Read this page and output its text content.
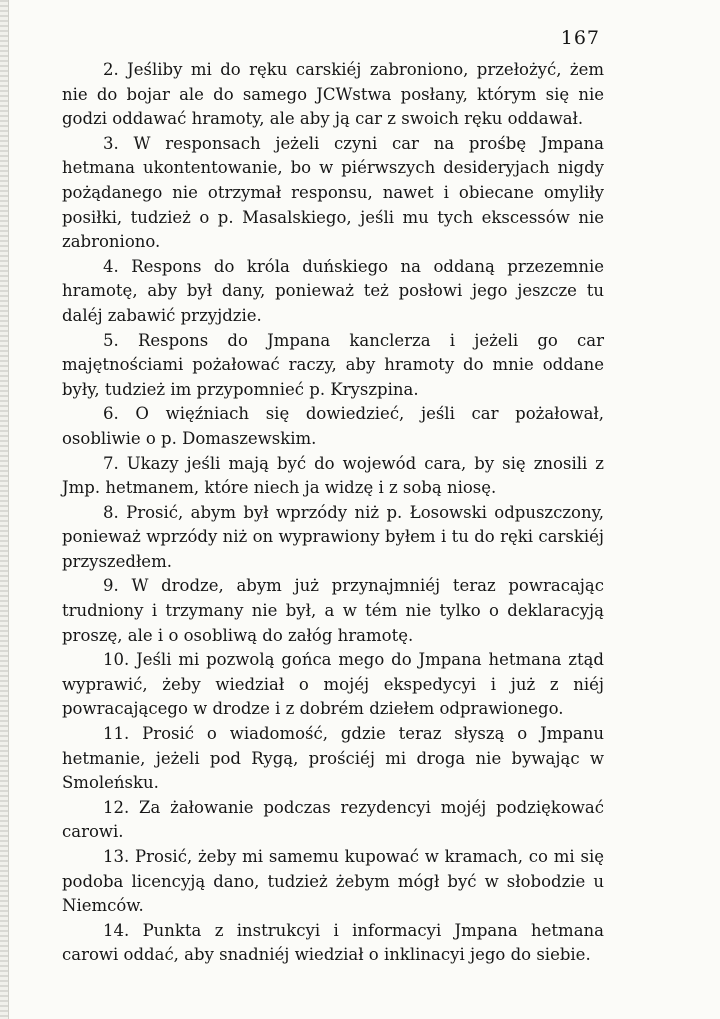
167

2. Jeśliby mi do ręku carskiéj zabroniono, przełożyć, żem nie do bojar ale do samego JCWstwa posłany, którym się nie godzi oddawać hramoty, ale aby ją car z swoich ręku oddawał.

3. W responsach jeżeli czyni car na prośbę Jmpana hetmana ukontentowanie, bo w piérwszych desideryjach nigdy pożądanego nie otrzymał responsu, nawet i obiecane omyliły posiłki, tudzież o p. Masalskiego, jeśli mu tych ekscessów nie zabroniono.

4. Respons do króla duńskiego na oddaną przezemnie hramotę, aby był dany, ponieważ też posłowi jego jeszcze tu daléj zabawić przyjdzie.

5. Respons do Jmpana kanclerza i jeżeli go car majętnościami pożałować raczy, aby hramoty do mnie oddane były, tudzież im przypomnieć p. Kryszpina.

6. O więźniach się dowiedzieć, jeśli car pożałował, osobliwie o p. Domaszewskim.

7. Ukazy jeśli mają być do wojewód cara, by się znosili z Jmp. hetmanem, które niech ja widzę i z sobą niosę.

8. Prosić, abym był wprzódy niż p. Łosowski odpuszczony, ponieważ wprzódy niż on wyprawiony byłem i tu do ręki carskiéj przyszedłem.

9. W drodze, abym już przynajmniéj teraz powracając trudniony i trzymany nie był, a w tém nie tylko o deklaracyją proszę, ale i o osobliwą do załóg hramotę.

10. Jeśli mi pozwolą gońca mego do Jmpana hetmana ztąd wyprawić, żeby wiedział o mojéj ekspedycyi i już z niéj powracającego w drodze i z dobrém dziełem odprawionego.

11. Prosić o wiadomość, gdzie teraz słyszą o Jmpanu hetmanie, jeżeli pod Rygą, prościéj mi droga nie bywając w Smoleńsku.

12. Za żałowanie podczas rezydencyi mojéj podziękować carowi.

13. Prosić, żeby mi samemu kupować w kramach, co mi się podoba licencyją dano, tudzież żebym mógł być w słobodzie u Niemców.

14. Punkta z instrukcyi i informacyi Jmpana hetmana carowi oddać, aby snadniéj wiedział o inklinacyi jego do siebie.
